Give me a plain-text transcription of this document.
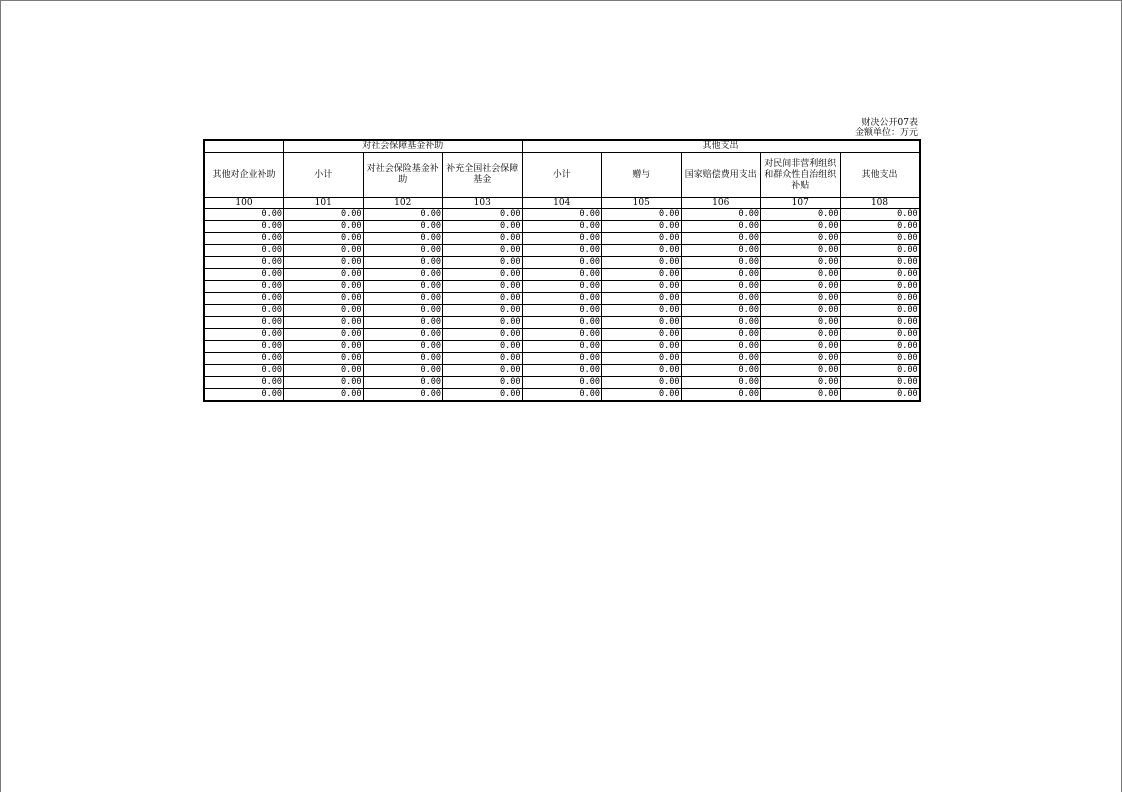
财决公开07表
金额单位：万元
	对社会保障基金补助			其他支出				
其他对企业补助	小计	对社会保险基金补助	补充全国社会保障基金	小计	赠与	国家赔偿费用支出	对民间非营利组织和群众性自治组织补贴	其他支出
100	101	102	103	104	105	106	107	108
0.00	0.00	0.00	0.00	0.00	0.00	0.00	0.00	0.00
0.00	0.00	0.00	0.00	0.00	0.00	0.00	0.00	0.00
0.00	0.00	0.00	0.00	0.00	0.00	0.00	0.00	0.00
0.00	0.00	0.00	0.00	0.00	0.00	0.00	0.00	0.00
0.00	0.00	0.00	0.00	0.00	0.00	0.00	0.00	0.00
0.00	0.00	0.00	0.00	0.00	0.00	0.00	0.00	0.00
0.00	0.00	0.00	0.00	0.00	0.00	0.00	0.00	0.00
0.00	0.00	0.00	0.00	0.00	0.00	0.00	0.00	0.00
0.00	0.00	0.00	0.00	0.00	0.00	0.00	0.00	0.00
0.00	0.00	0.00	0.00	0.00	0.00	0.00	0.00	0.00
0.00	0.00	0.00	0.00	0.00	0.00	0.00	0.00	0.00
0.00	0.00	0.00	0.00	0.00	0.00	0.00	0.00	0.00
0.00	0.00	0.00	0.00	0.00	0.00	0.00	0.00	0.00
0.00	0.00	0.00	0.00	0.00	0.00	0.00	0.00	0.00
0.00	0.00	0.00	0.00	0.00	0.00	0.00	0.00	0.00
0.00	0.00	0.00	0.00	0.00	0.00	0.00	0.00	0.00
